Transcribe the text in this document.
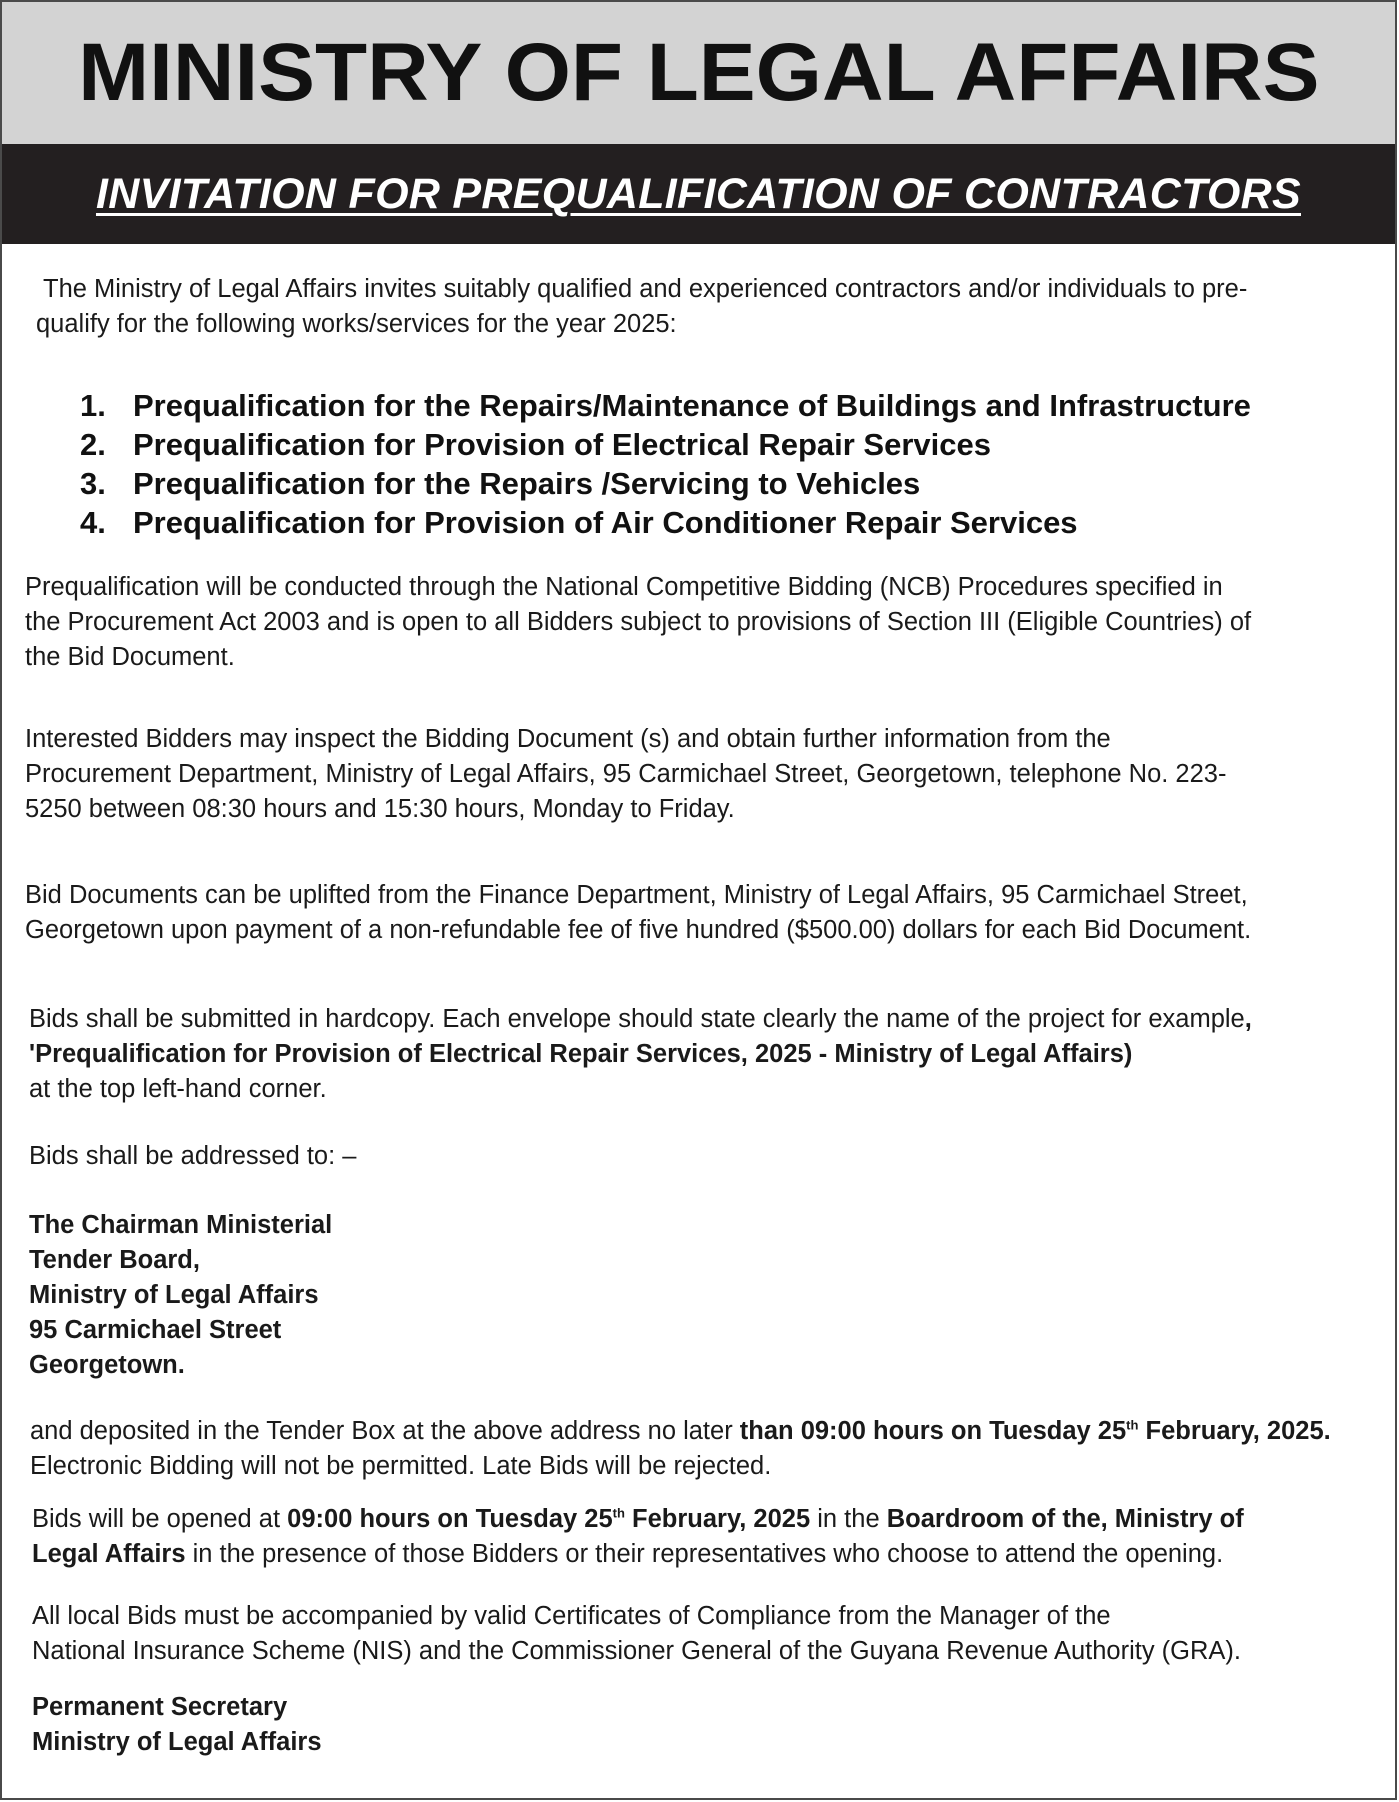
MINISTRY OF LEGAL AFFAIRS
INVITATION FOR PREQUALIFICATION OF CONTRACTORS
The Ministry of Legal Affairs invites suitably qualified and experienced contractors and/or individuals to pre-
qualify for the following works/services for the year 2025:
1. Prequalification for the Repairs/Maintenance of Buildings and Infrastructure
2. Prequalification for Provision of Electrical Repair Services
3. Prequalification for the Repairs /Servicing to Vehicles
4. Prequalification for Provision of Air Conditioner Repair Services
Prequalification will be conducted through the National Competitive Bidding (NCB) Procedures specified in
the Procurement Act 2003 and is open to all Bidders subject to provisions of Section III (Eligible Countries) of
the Bid Document.
Interested Bidders may inspect the Bidding Document (s) and obtain further information from the
Procurement Department, Ministry of Legal Affairs, 95 Carmichael Street, Georgetown, telephone No. 223-
5250 between 08:30 hours and 15:30 hours, Monday to Friday.
Bid Documents can be uplifted from the Finance Department, Ministry of Legal Affairs, 95 Carmichael Street,
Georgetown upon payment of a non-refundable fee of five hundred ($500.00) dollars for each Bid Document.
Bids shall be submitted in hardcopy. Each envelope should state clearly the name of the project for example,
'Prequalification for Provision of Electrical Repair Services, 2025 - Ministry of Legal Affairs)
at the top left-hand corner.
Bids shall be addressed to: –
The Chairman Ministerial
Tender Board,
Ministry of Legal Affairs
95 Carmichael Street
Georgetown.
and deposited in the Tender Box at the above address no later than 09:00 hours on Tuesday 25th February, 2025.
Electronic Bidding will not be permitted. Late Bids will be rejected.
Bids will be opened at 09:00 hours on Tuesday 25th February, 2025 in the Boardroom of the, Ministry of
Legal Affairs in the presence of those Bidders or their representatives who choose to attend the opening.
All local Bids must be accompanied by valid Certificates of Compliance from the Manager of the
National Insurance Scheme (NIS) and the Commissioner General of the Guyana Revenue Authority (GRA).
Permanent Secretary
Ministry of Legal Affairs
